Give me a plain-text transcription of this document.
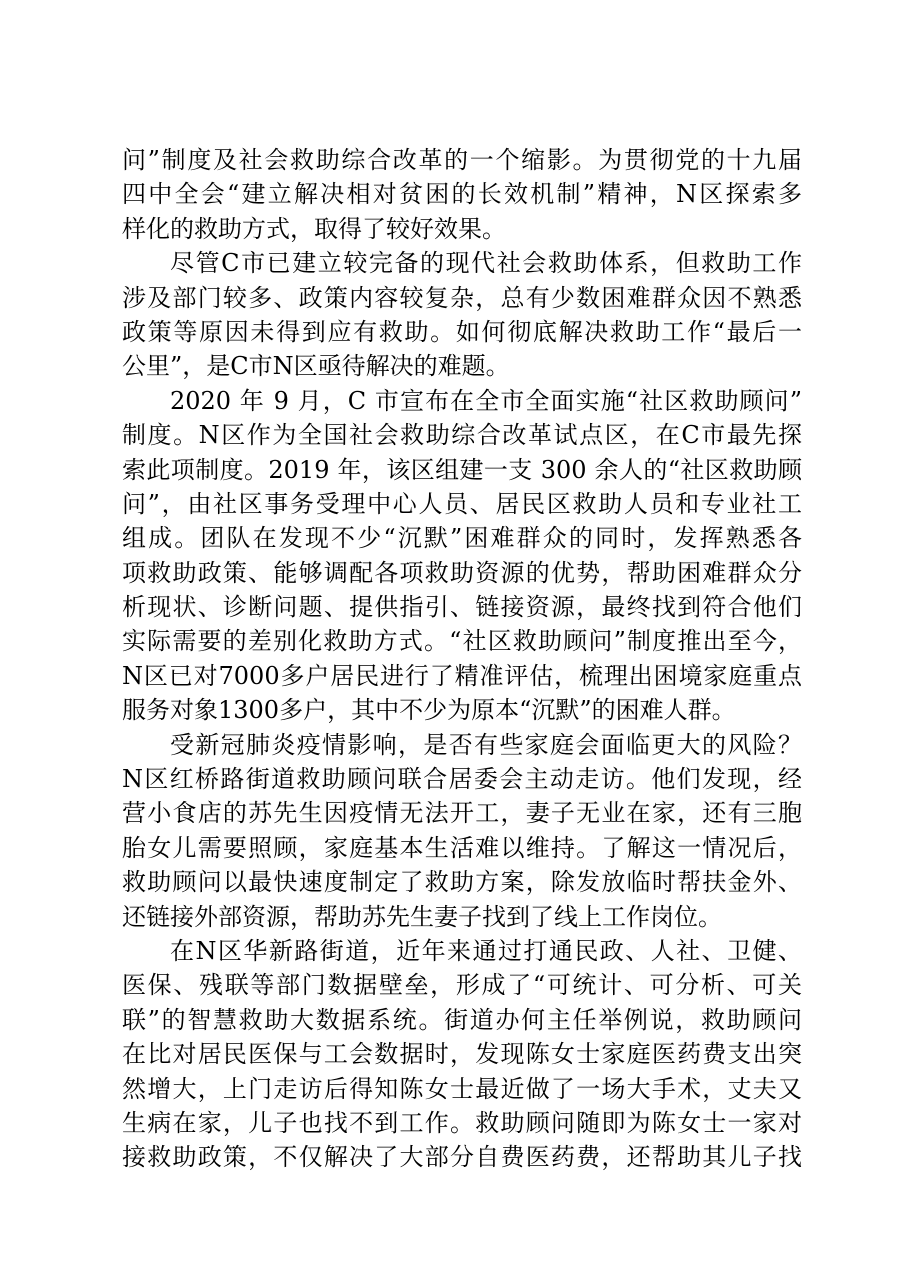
问”制度及社会救助综合改革的一个缩影。为贯彻党的十九届
四中全会“建立解决相对贫困的长效机制”精神，N区探索多
样化的救助方式，取得了较好效果。
尽管C市已建立较完备的现代社会救助体系，但救助工作
涉及部门较多、政策内容较复杂，总有少数困难群众因不熟悉
政策等原因未得到应有救助。如何彻底解决救助工作“最后一
公里”，是C市N区亟待解决的难题。
2020 年 9 月，C 市宣布在全市全面实施“社区救助顾问”
制度。N区作为全国社会救助综合改革试点区，在C市最先探
索此项制度。2019 年，该区组建一支 300 余人的“社区救助顾
问”，由社区事务受理中心人员、居民区救助人员和专业社工
组成。团队在发现不少“沉默”困难群众的同时，发挥熟悉各
项救助政策、能够调配各项救助资源的优势，帮助困难群众分
析现状、诊断问题、提供指引、链接资源，最终找到符合他们
实际需要的差别化救助方式。“社区救助顾问”制度推出至今，
N区已对7000多户居民进行了精准评估，梳理出困境家庭重点
服务对象1300多户，其中不少为原本“沉默”的困难人群。
受新冠肺炎疫情影响，是否有些家庭会面临更大的风险？
N区红桥路街道救助顾问联合居委会主动走访。他们发现，经
营小食店的苏先生因疫情无法开工，妻子无业在家，还有三胞
胎女儿需要照顾，家庭基本生活难以维持。了解这一情况后，
救助顾问以最快速度制定了救助方案，除发放临时帮扶金外、
还链接外部资源，帮助苏先生妻子找到了线上工作岗位。
在N区华新路街道，近年来通过打通民政、人社、卫健、
医保、残联等部门数据壁垒，形成了“可统计、可分析、可关
联”的智慧救助大数据系统。街道办何主任举例说，救助顾问
在比对居民医保与工会数据时，发现陈女士家庭医药费支出突
然增大，上门走访后得知陈女士最近做了一场大手术，丈夫又
生病在家，儿子也找不到工作。救助顾问随即为陈女士一家对
接救助政策，不仅解决了大部分自费医药费，还帮助其儿子找
